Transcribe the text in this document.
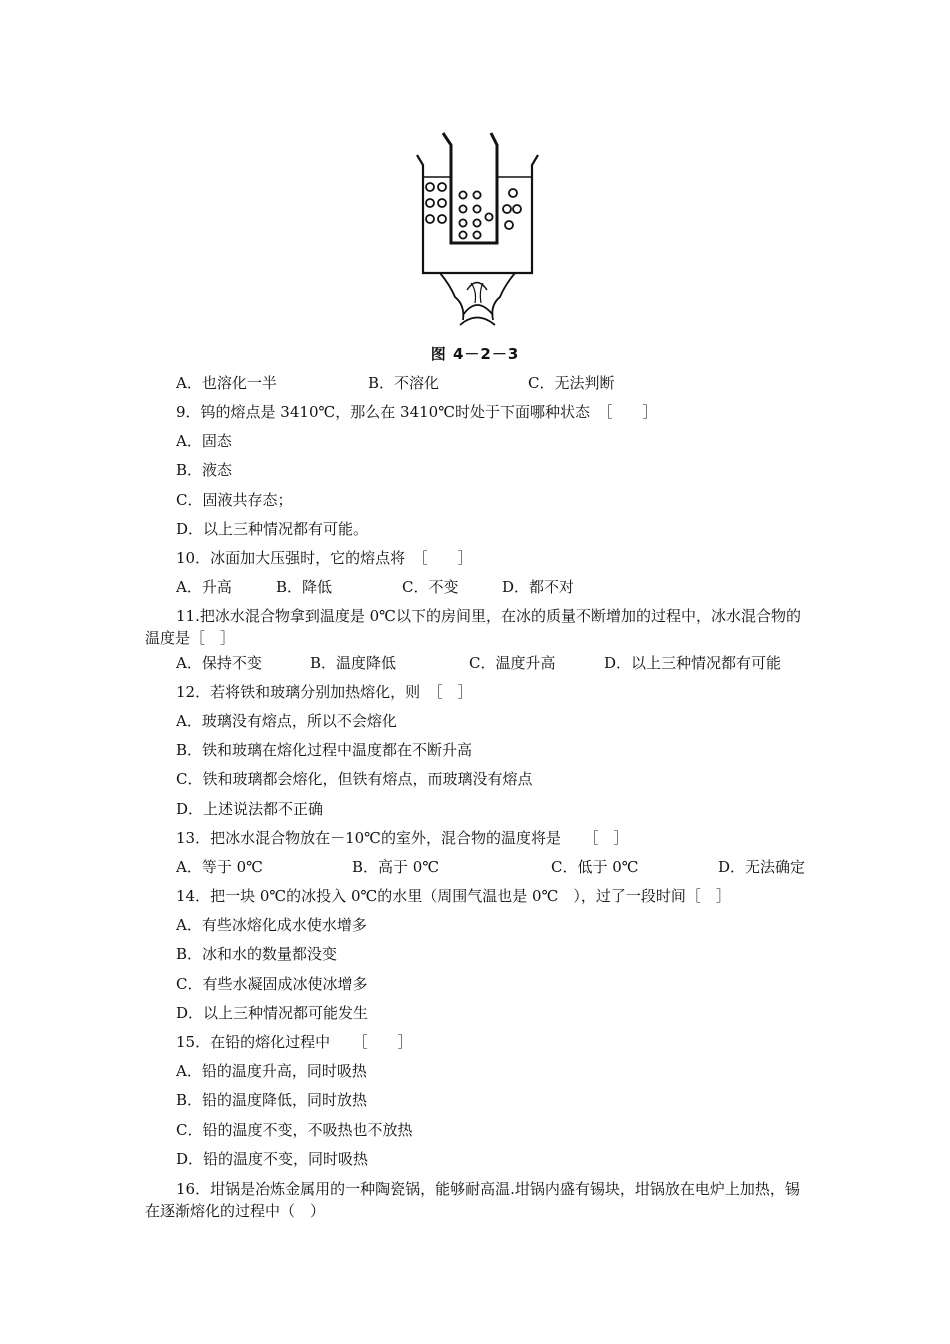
图 4－2－3
A．也溶化一半	B．不溶化	C．无法判断
9．钨的熔点是 3410℃，那么在 3410℃时处于下面哪种状态　［　　］
A．固态
B．液态
C．固液共存态；
D．以上三种情况都有可能。
10．冰面加大压强时，它的熔点将　［　　］
A．升高	B．降低	C．不变	D．都不对
11.把冰水混合物拿到温度是 0℃以下的房间里，在冰的质量不断增加的过程中，冰水混合物的温度是［　］
A．保持不变	B．温度降低	C．温度升高	D．以上三种情况都有可能
12．若将铁和玻璃分别加热熔化，则　［　］
A．玻璃没有熔点，所以不会熔化
B．铁和玻璃在熔化过程中温度都在不断升高
C．铁和玻璃都会熔化，但铁有熔点，而玻璃没有熔点
D．上述说法都不正确
13．把冰水混合物放在－10℃的室外，混合物的温度将是　　［　］
A．等于 0℃	B．高于 0℃	C．低于 0℃	D．无法确定
14．把一块 0℃的冰投入 0℃的水里（周围气温也是 0℃　），过了一段时间［　］
A．有些冰熔化成水使水增多
B．冰和水的数量都没变
C．有些水凝固成冰使冰增多
D．以上三种情况都可能发生
15．在铅的熔化过程中　　［　　］
A．铅的温度升高，同时吸热
B．铅的温度降低，同时放热
C．铅的温度不变，不吸热也不放热
D．铅的温度不变，同时吸热
16．坩锅是冶炼金属用的一种陶瓷锅，能够耐高温.坩锅内盛有锡块，坩锅放在电炉上加热，锡在逐渐熔化的过程中（　）
